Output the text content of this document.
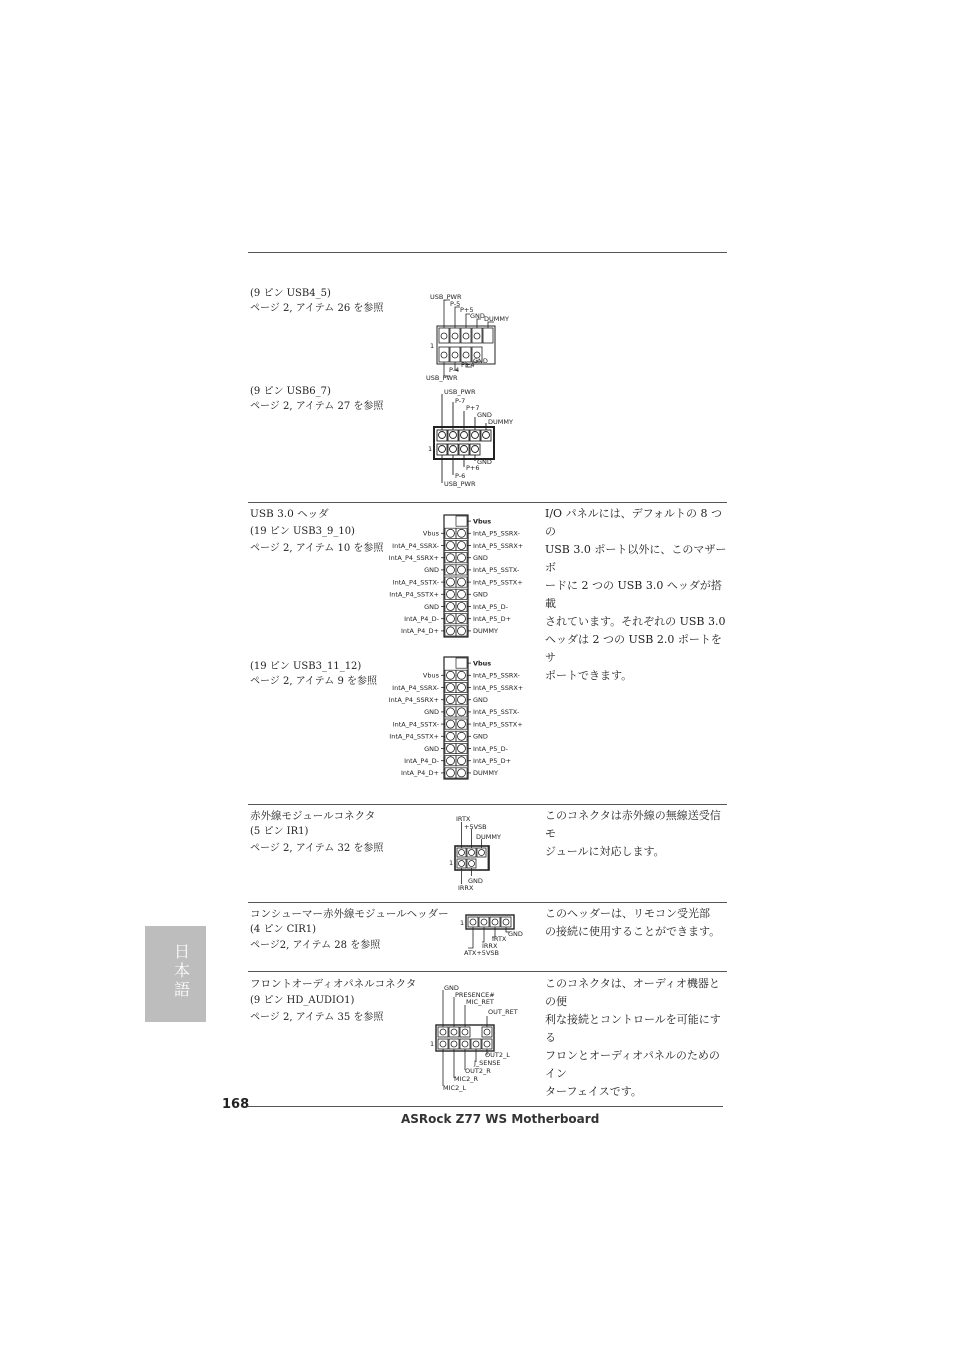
(9 ピン USB4_5)
ページ 2, アイテム 26 を参照
USB_PWR
P-5
P+5
GND DUMMY
1
GND
P+4
P-4
USB_PWR
(9 ピン USB6_7)
ページ 2, アイテム 27 を参照
USB_PWR
P-7
P+7
GND
DUMMY
1
GND
P+6
P-6
USB_PWR
USB 3.0 ヘッダ
(19 ピン USB3_9_10)
ページ 2, アイテム 10 を参照
I/O パネルには、デフォルトの 8 つの
USB 3.0 ポート以外に、このマザーボ
ードに 2 つの USB 3.0 ヘッダが搭載
されています。それぞれの USB 3.0
ヘッダは 2 つの USB 2.0 ポートをサ
ポートできます。
Vbus
IntA_P5_SSRX-
Vbus
IntA_P5_SSRX+
IntA_P4_SSRX-
GND
IntA_P4_SSRX+
IntA_P5_SSTX-
GND
IntA_P5_SSTX+
IntA_P4_SSTX-
GND
IntA_P4_SSTX+
IntA_P5_D-
GND
IntA_P5_D+
IntA_P4_D-
DUMMY
IntA_P4_D+
(19 ピン USB3_11_12)
ページ 2, アイテム 9 を参照
Vbus
IntA_P5_SSRX-
Vbus
IntA_P5_SSRX+
IntA_P4_SSRX-
GND
IntA_P4_SSRX+
IntA_P5_SSTX-
GND
IntA_P5_SSTX+
IntA_P4_SSTX-
GND
IntA_P4_SSTX+
IntA_P5_D-
GND
IntA_P5_D+
IntA_P4_D-
DUMMY
IntA_P4_D+
赤外線モジュールコネクタ
(5 ピン IR1)
ページ 2, アイテム 32 を参照
このコネクタは赤外線の無線送受信モ
ジュールに対応します。
IRTX
+5VSB
DUMMY
1
GND
IRRX
コンシューマー赤外線モジュールヘッダー
(4 ピン CIR1)
ページ2, アイテム 28 を参照
このヘッダーは、リモコン受光部
の接続に使用することができます。
1
GND
IRTX
IRRX
ATX+5VSB
フロントオーディオパネルコネクタ
(9 ピン HD_AUDIO1)
ページ 2, アイテム 35 を参照
このコネクタは、オーディオ機器との便
利な接続とコントロールを可能にする
フロンとオーディオパネルのためのイン
ターフェイスです。
GND
PRESENCE#
MIC_RET
OUT_RET
1
OUT2_L
J_SENSE
OUT2_R
MIC2_R
MIC2_L
日本語
168
ASRock Z77 WS Motherboard
